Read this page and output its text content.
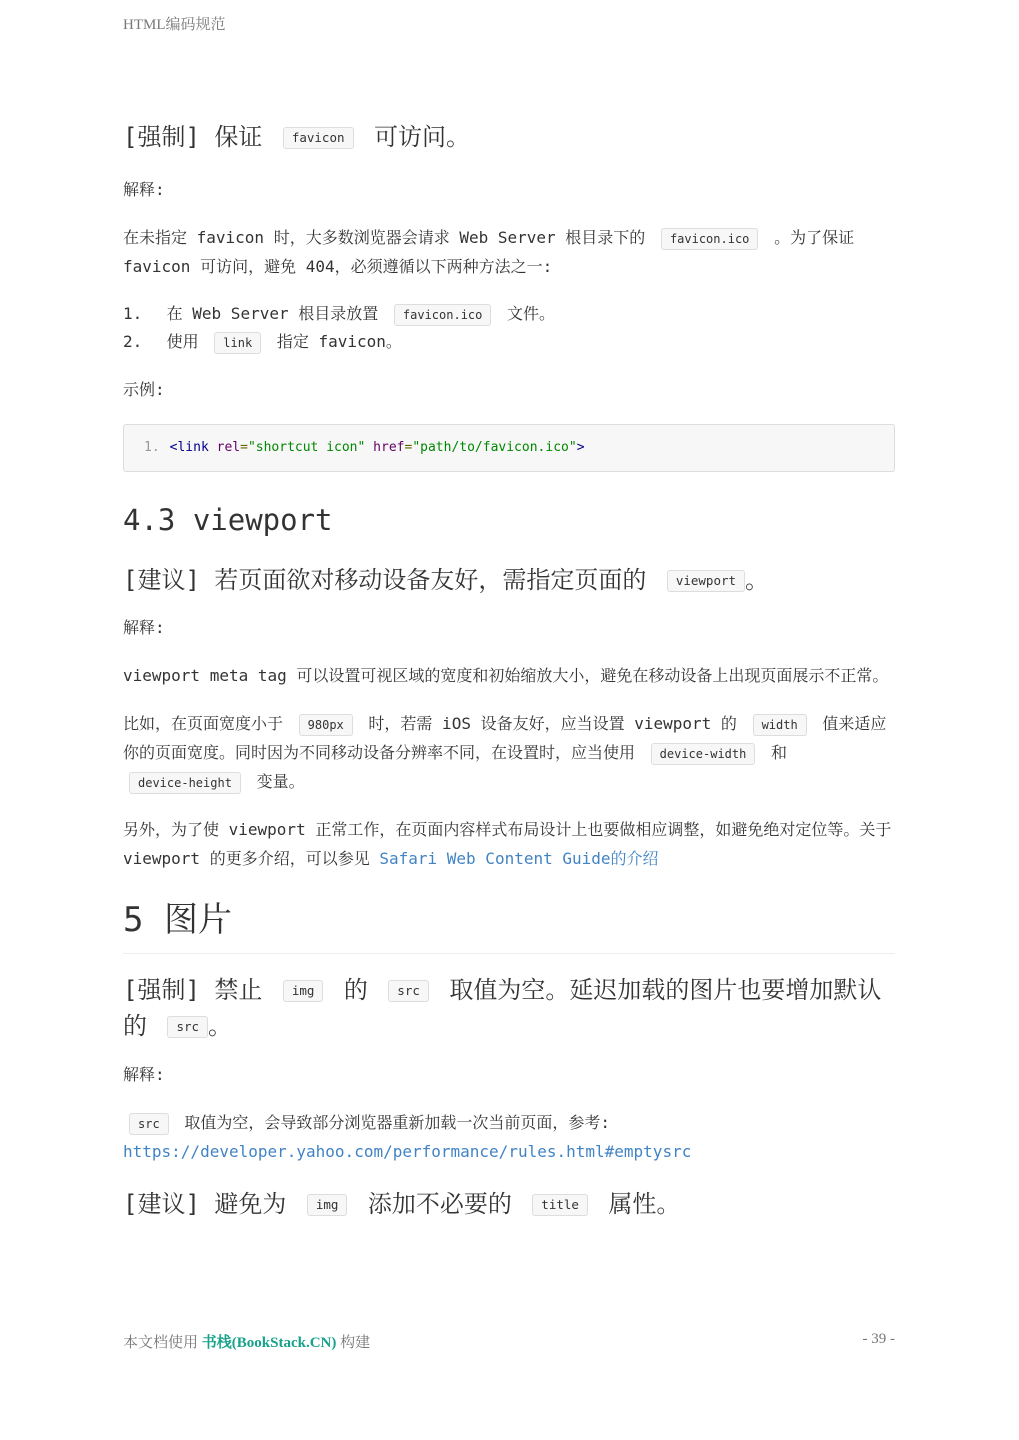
HTML编码规范
[强制] 保证 favicon 可访问。

解释:

在未指定 favicon 时，大多数浏览器会请求 Web Server 根目录下的 favicon.ico 。为了保证 favicon 可访问，避免 404，必须遵循以下两种方法之一:

1. 在 Web Server 根目录放置 favicon.ico 文件。
2. 使用 link 指定 favicon。

示例:

1. <link rel="shortcut icon" href="path/to/favicon.ico">
4.3 viewport
[建议] 若页面欲对移动设备友好，需指定页面的 viewport 。

解释:

viewport meta tag 可以设置可视区域的宽度和初始缩放大小，避免在移动设备上出现页面展示不正常。

比如，在页面宽度小于 980px 时，若需 iOS 设备友好，应当设置 viewport 的 width 值来适应你的页面宽度。同时因为不同移动设备分辨率不同，在设置时，应当使用 device-width 和 device-height 变量。

另外，为了使 viewport 正常工作，在页面内容样式布局设计上也要做相应调整，如避免绝对定位等。关于 viewport 的更多介绍，可以参见 Safari Web Content Guide的介绍

5 图片
[强制] 禁止 img 的 src 取值为空。延迟加载的图片也要增加默认的 src 。

解释:

src 取值为空，会导致部分浏览器重新加载一次当前页面，参考: https://developer.yahoo.com/performance/rules.html#emptysrc

[建议] 避免为 img 添加不必要的 title 属性。
本文档使用 书栈(BookStack.CN) 构建	- 39 -
